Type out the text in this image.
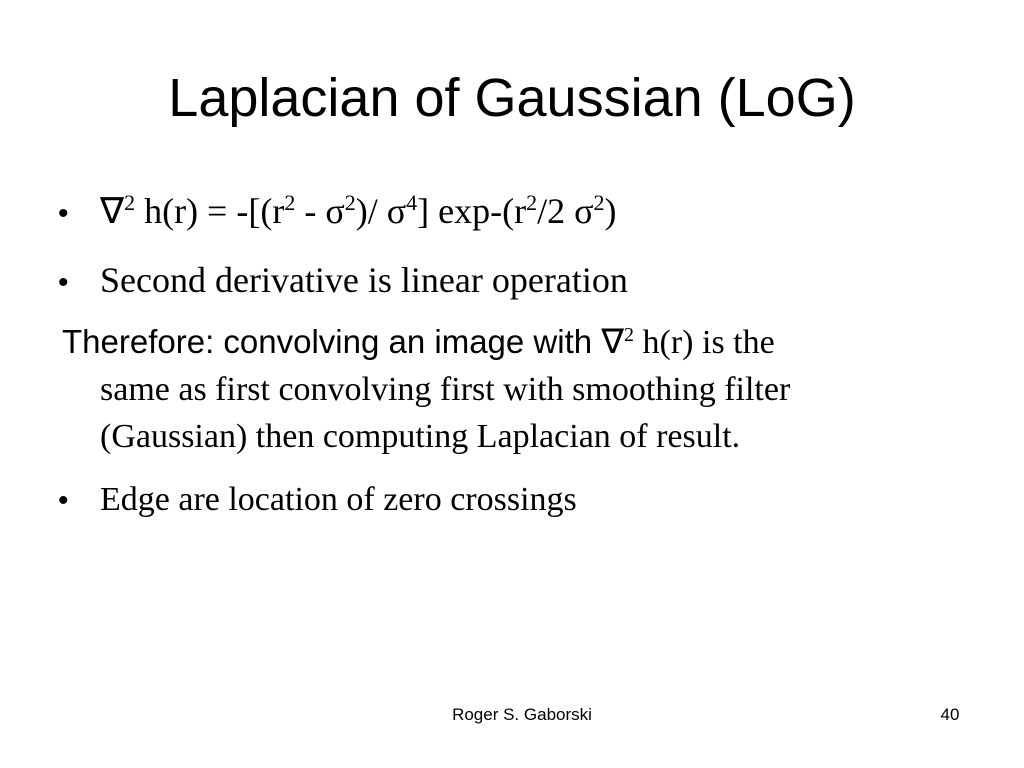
Laplacian of Gaussian (LoG)
• ∇$^2$ $h(r) = -[(r^2 - \sigma^2)/$ $\sigma^4$] $\exp-(r^2/2$ $\sigma^2$)
• Second derivative is linear operation
Therefore: convolving an image with ∇$^2$ h(r) is the
same as first convolving first with smoothing filter
(Gaussian) then computing Laplacian of result.
• Edge are location of zero crossings
Roger S. Gaborski	40
